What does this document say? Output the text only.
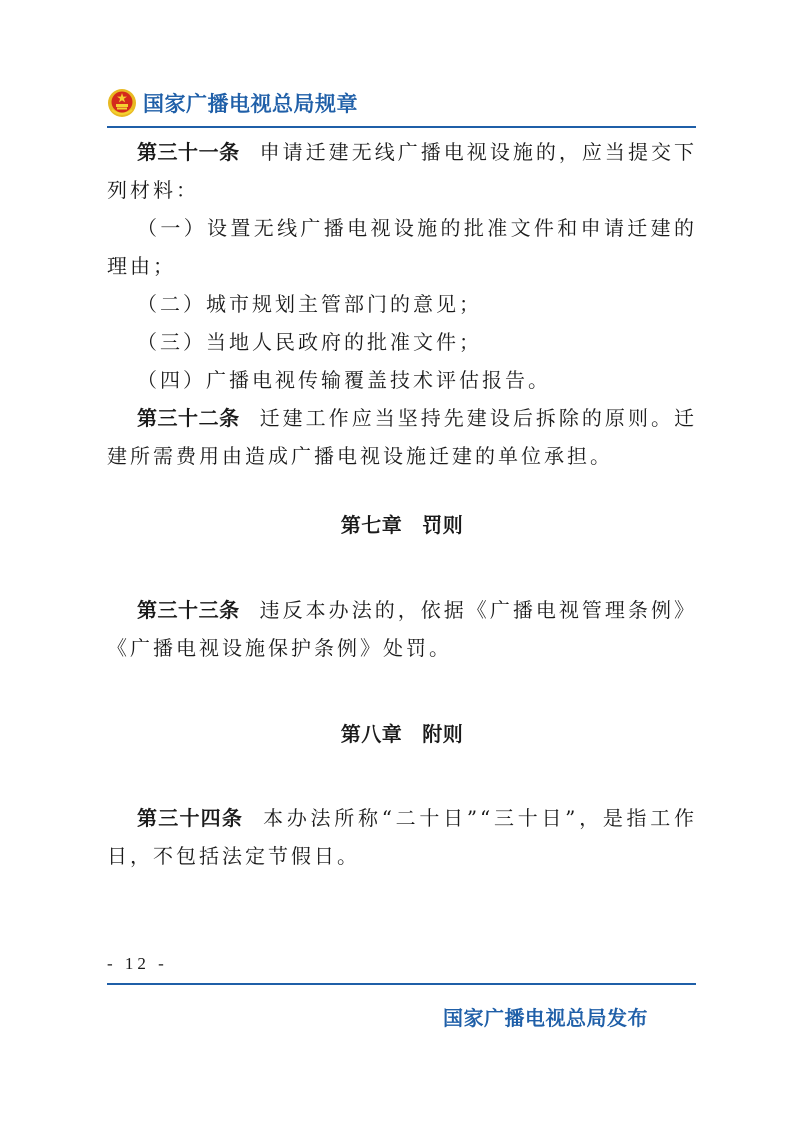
国家广播电视总局规章

第三十一条 申请迁建无线广播电视设施的，应当提交下列材料：

（一）设置无线广播电视设施的批准文件和申请迁建的理由；

（二）城市规划主管部门的意见；

（三）当地人民政府的批准文件；

（四）广播电视传输覆盖技术评估报告。

第三十二条 迁建工作应当坚持先建设后拆除的原则。迁建所需费用由造成广播电视设施迁建的单位承担。

第七章 罚则

第三十三条 违反本办法的，依据《广播电视管理条例》《广播电视设施保护条例》处罚。

第八章 附则

第三十四条 本办法所称“二十日”“三十日”，是指工作日，不包括法定节假日。

- 12 -
国家广播电视总局发布
